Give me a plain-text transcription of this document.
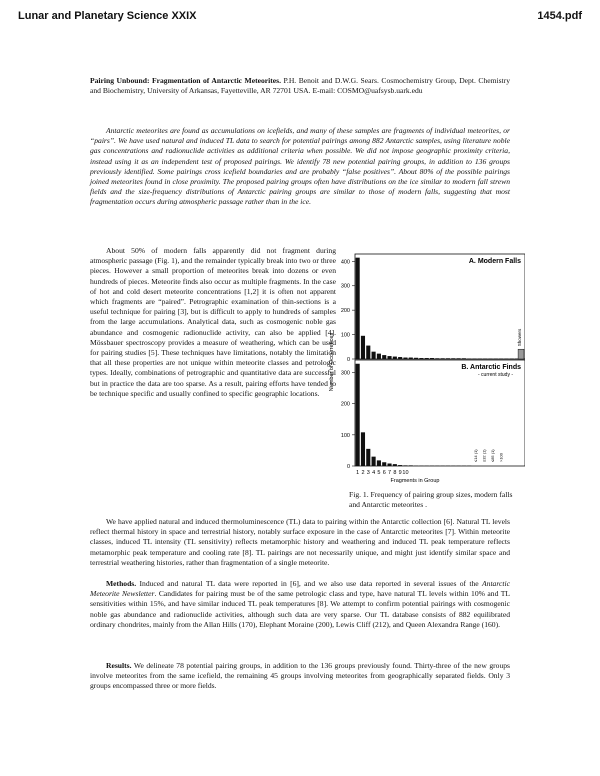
Lunar and Planetary Science XXIX	1454.pdf

Pairing Unbound: Fragmentation of Antarctic Meteorites. P.H. Benoit and D.W.G. Sears. Cosmochemistry Group, Dept. Chemistry and Biochemistry, University of Arkansas, Fayetteville, AR 72701 USA. E-mail: COSMO@uafsysb.uark.edu

Antarctic meteorites are found as accumulations on icefields, and many of these samples are fragments of individual meteorites, or “pairs”. We have used natural and induced TL data to search for potential pairings among 882 Antarctic samples, using literature noble gas concentrations and radionuclide activities as additional criteria when possible. We did not impose geographic proximity criteria, instead using it as an independent test of proposed pairings. We identify 78 new potential pairing groups, in addition to 136 groups previously identified. Some pairings cross icefield boundaries and are probably “false positives”. About 80% of the possible pairings joined meteorites found in close proximity. The proposed pairing groups often have distributions on the ice similar to modern fall strewn fields and the size-frequency distributions of Antarctic pairing groups are similar to those of modern falls, suggesting that most fragmentation occurs during atmospheric passage rather than in the ice.

About 50% of modern falls apparently did not fragment during atmospheric passage (Fig. 1), and the remainder typically break into two or three pieces. However a small proportion of meteorites break into dozens or even hundreds of pieces. Meteorite finds also occur as multiple fragments. In the case of hot and cold desert meteorite concentrations [1,2] it is often not apparent which fragments are “paired”. Petrographic examination of thin-sections is a useful technique for pairing [3], but is difficult to apply to hundreds of samples from the large accumulations. Analytical data, such as cosmogenic noble gas abundance and cosmogenic radionuclide activity, can also be applied [4]. Mössbauer spectroscopy provides a measure of weathering, which can be used for pairing studies [5]. These techniques have limitations, notably the limitation that all these properties are not unique within meteorite classes and petrologic types. Ideally, combinations of petrographic and quantitative data are successful but in practice the data are too sparse. As a result, pairing efforts have tended to be technique specific and usually confined to specific geographic locations.

0
100
200
300
400
Showers
A. Modern Falls
0
100
200
300
B. Antarctic Finds
- current study -
≤14 (1) ≤32 (1) ≤85 (1) >100
1 2 3 4 5 6 7 8 9 10
Fragments in Group
Number of Occurrences

Fig. 1. Frequency of pairing group sizes, modern falls and Antarctic meteorites .

We have applied natural and induced thermoluminescence (TL) data to pairing within the Antarctic collection [6]. Natural TL levels reflect thermal history in space and terrestrial history, notably surface exposure in the case of Antarctic meteorites [7]. Within meteorite classes, induced TL intensity (TL sensitivity) reflects metamorphic history and weathering and induced TL peak temperature reflects metamorphic peak temperature and cooling rate [8]. TL pairings are not necessarily unique, and might just identify similar space and terrestrial weathering histories, rather than fragmentation of a single meteorite.

Methods. Induced and natural TL data were reported in [6], and we also use data reported in several issues of the Antarctic Meteorite Newsletter. Candidates for pairing must be of the same petrologic class and type, have natural TL levels within 10% and TL sensitivities within 15%, and have similar induced TL peak temperatures [8]. We attempt to confirm potential pairings with cosmogenic noble gas abundance and radionuclide activities, although such data are very sparse. Our TL database consists of 882 equilibrated ordinary chondrites, mainly from the Allan Hills (170), Elephant Moraine (200), Lewis Cliff (212), and Queen Alexandra Range (160).

Results. We delineate 78 potential pairing groups, in addition to the 136 groups previously found. Thirty-three of the new groups involve meteorites from the same icefield, the remaining 45 groups involving meteorites from geographically separated fields. Only 3 groups encompassed three or more fields.
